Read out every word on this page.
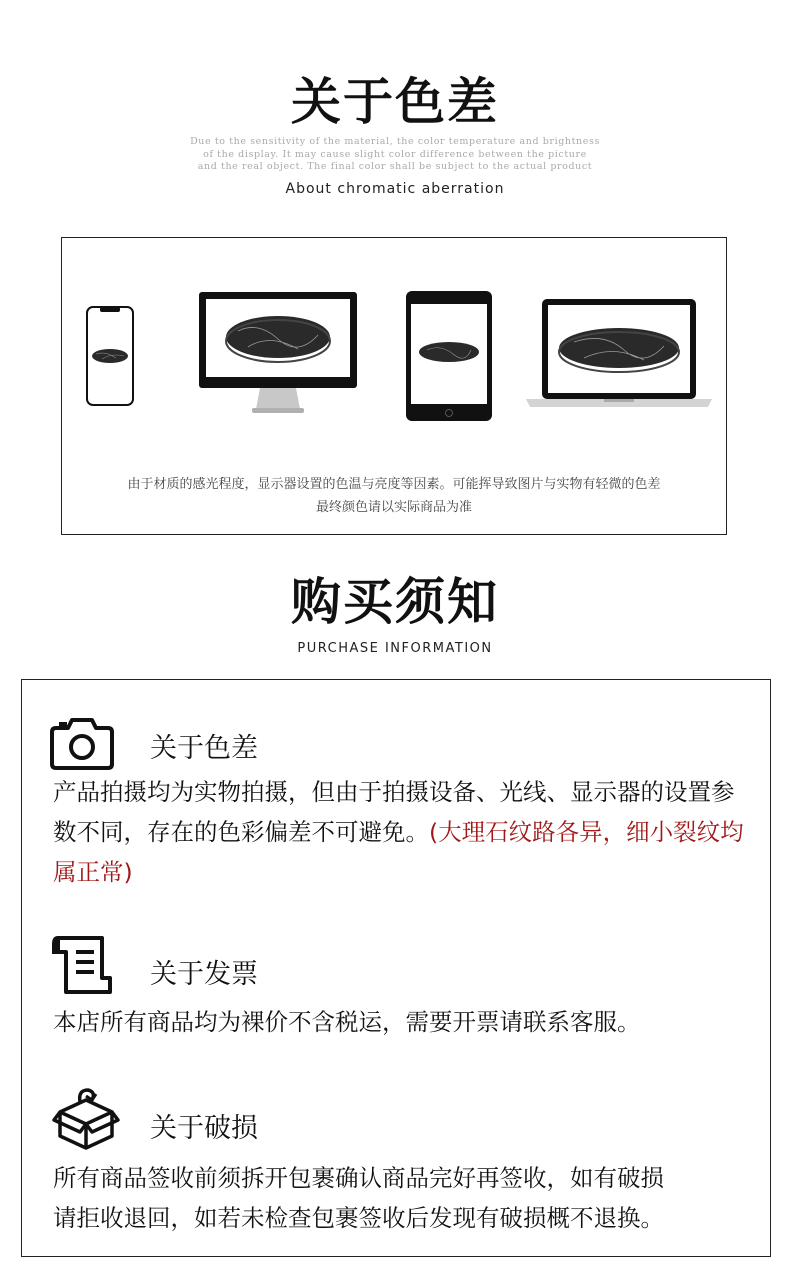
关于色差
Due to the sensitivity of the material, the color temperature and brightness
of the display. It may cause slight color difference between the picture
and the real object. The final color shall be subject to the actual product
About chromatic aberration
由于材质的感光程度，显示器设置的色温与亮度等因素。可能挥导致图片与实物有轻微的色差
最终颜色请以实际商品为准
购买须知
PURCHASE INFORMATION
关于色差
产品拍摄均为实物拍摄，但由于拍摄设备、光线、显示器的设置参数不同，存在的色彩偏差不可避免。(大理石纹路各异，细小裂纹均属正常)
关于发票
本店所有商品均为裸价不含税运，需要开票请联系客服。
关于破损
所有商品签收前须拆开包裹确认商品完好再签收，如有破损
请拒收退回，如若未检查包裹签收后发现有破损概不退换。
